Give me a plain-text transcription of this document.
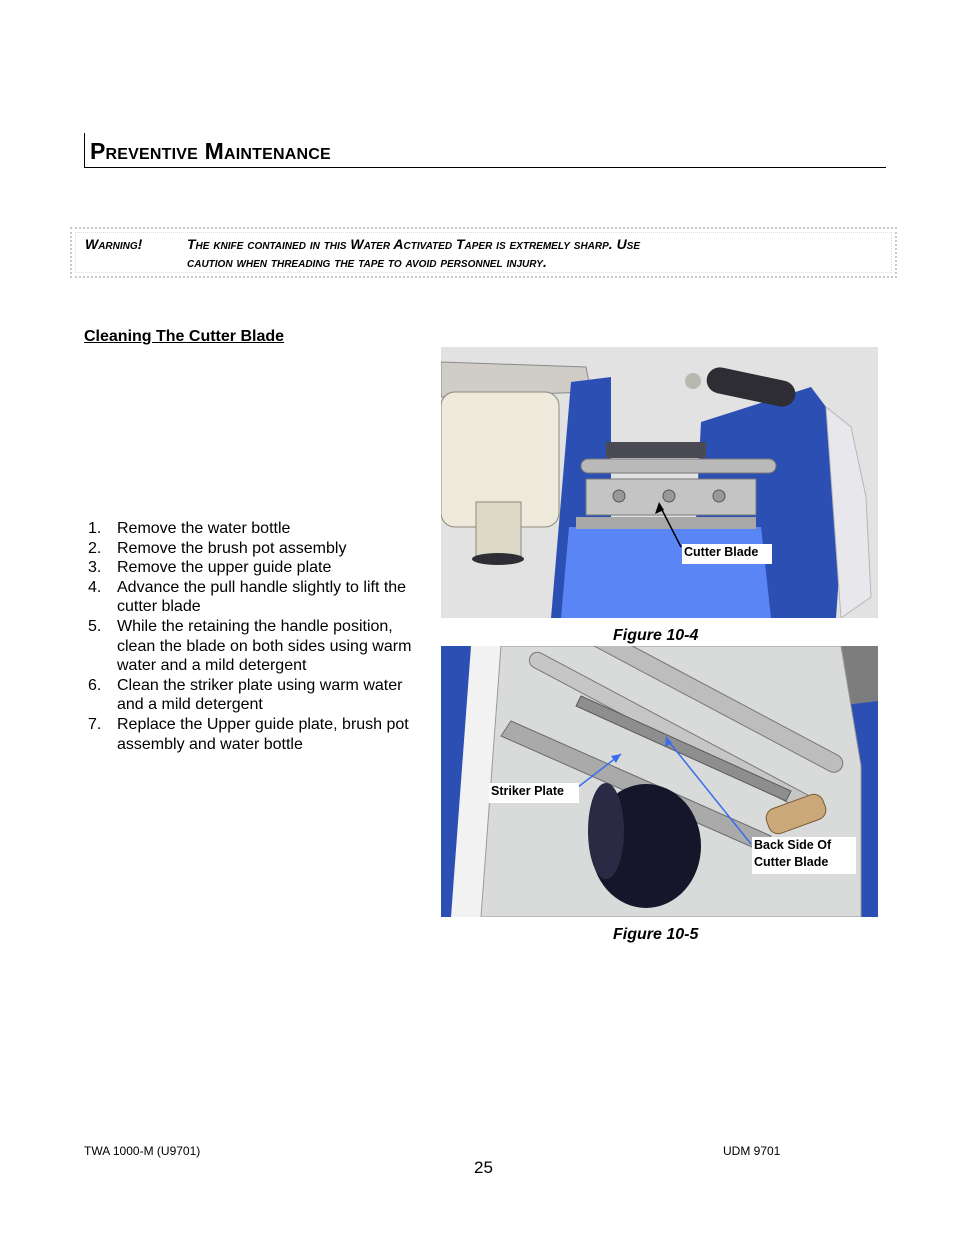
Preventive Maintenance
Warning!	The knife contained in this Water Activated Taper is extremely sharp. Use
caution when threading the tape to avoid personnel injury.
Cleaning The Cutter Blade
1. Remove the water bottle
2. Remove the brush pot assembly
3. Remove the upper guide plate
4. Advance the pull handle slightly to lift the cutter blade
5. While the retaining the handle position, clean the blade on both sides using warm water and a mild detergent
6. Clean the striker plate using warm water and a mild detergent
7. Replace the Upper guide plate, brush pot assembly and water bottle
Cutter Blade
Figure 10-4
Striker Plate
Back Side Of Cutter Blade
Figure 10-5
TWA 1000-M (U9701)	UDM 9701
25
